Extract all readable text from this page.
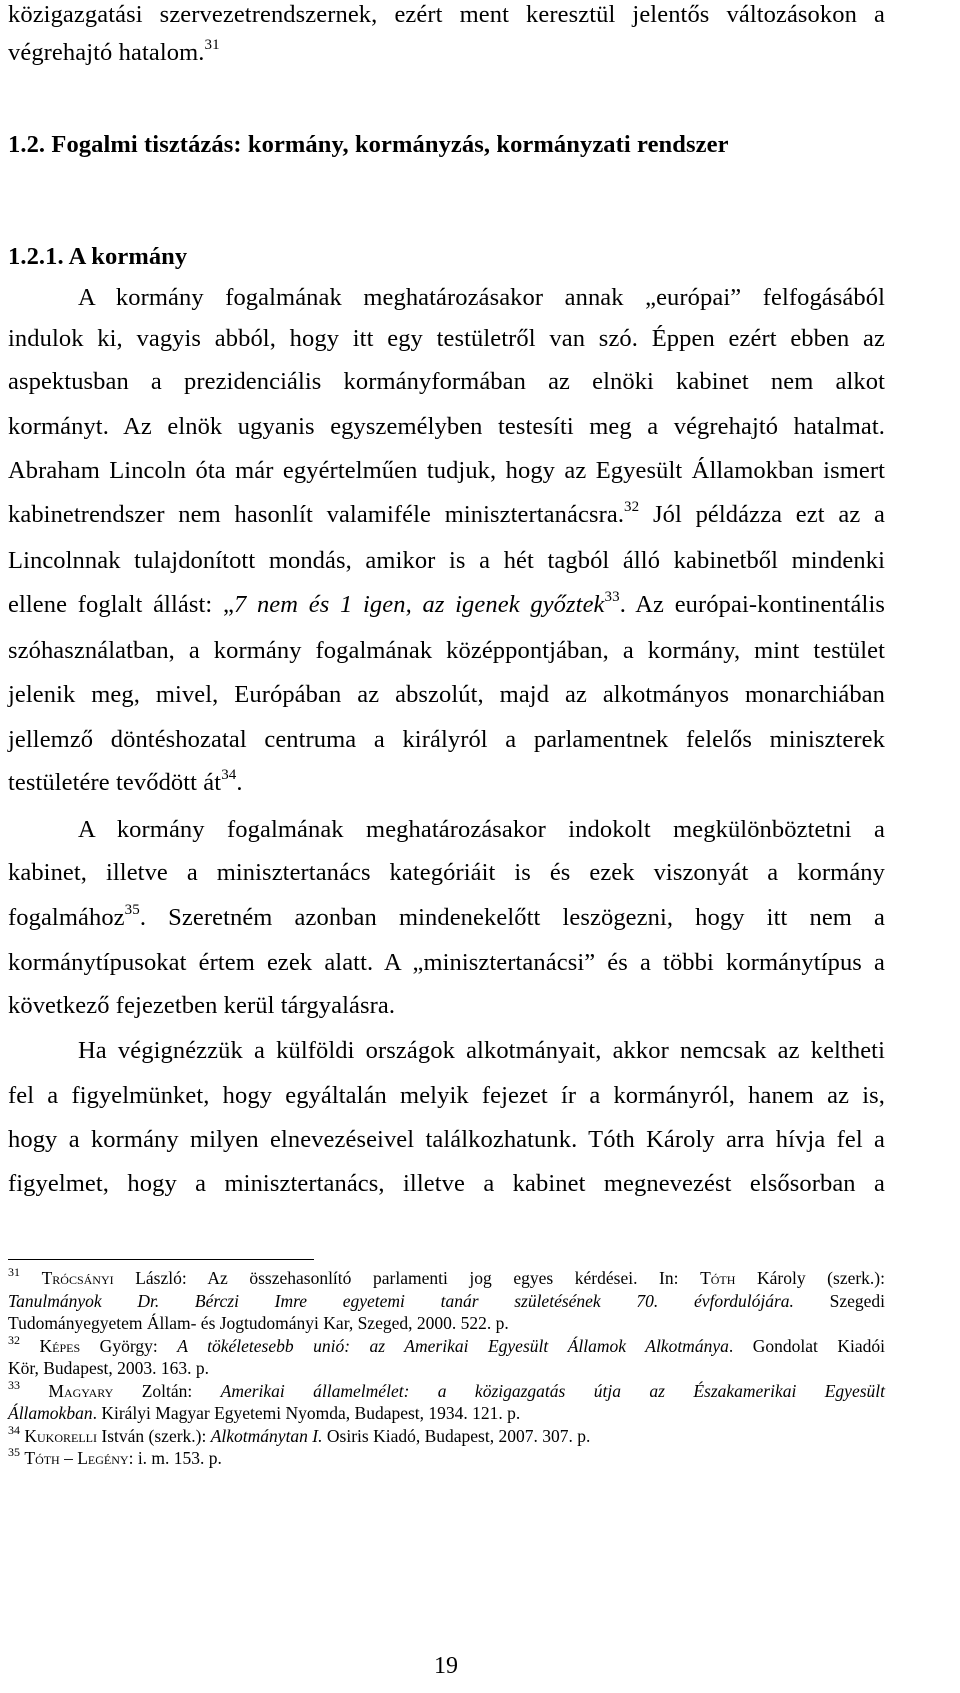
közigazgatási szervezetrendszernek, ezért ment keresztül jelentős változásokon a

végrehajtó hatalom.$^{31}$

1.2. Fogalmi tisztázás: kormány, kormányzás, kormányzati rendszer

1.2.1. A kormány

A kormány fogalmának meghatározásakor annak „európai” felfogásából

indulok ki, vagyis abból, hogy itt egy testületről van szó. Éppen ezért ebben az

aspektusban a prezidenciális kormányformában az elnöki kabinet nem alkot

kormányt. Az elnök ugyanis egyszemélyben testesíti meg a végrehajtó hatalmat.

Abraham Lincoln óta már egyértelműen tudjuk, hogy az Egyesült Államokban ismert

kabinetrendszer nem hasonlít valamiféle minisztertanácsra.$^{32}$ Jól példázza ezt az a

Lincolnnak tulajdonított mondás, amikor is a hét tagból álló kabinetből mindenki

ellene foglalt állást: „7 nem és 1 igen, az igenek győztek$^{33}$. Az európai-kontinentális

szóhasználatban, a kormány fogalmának középpontjában, a kormány, mint testület

jelenik meg, mivel, Európában az abszolút, majd az alkotmányos monarchiában

jellemző döntéshozatal centruma a királyról a parlamentnek felelős miniszterek

testületére tevődött $át^{34}$.

A kormány fogalmának meghatározásakor indokolt megkülönböztetni a

kabinet, illetve a minisztertanács kategóriáit is és ezek viszonyát a kormány

fogalmához$^{35}$. Szeretném azonban mindenekelőtt leszögezni, hogy itt nem a

kormánytípusokat értem ezek alatt. A „minisztertanácsi” és a többi kormánytípus a

következő fejezetben kerül tárgyalásra.

Ha végignézzük a külföldi országok alkotmányait, akkor nemcsak az keltheti

fel a figyelmünket, hogy egyáltalán melyik fejezet ír a kormányról, hanem az is,

hogy a kormány milyen elnevezéseivel találkozhatunk. Tóth Károly arra hívja fel a

figyelmet, hogy a minisztertanács, illetve a kabinet megnevezést elsősorban a

19

$^{31}$ Trócsányi László: Az összehasonlító parlamenti jog egyes kérdései. In: Tóth Károly (szerk.):

Tanulmányok Dr. Bérczi Imre egyetemi tanár születésének 70. évfordulójára. Szegedi

Tudományegyetem Állam- és Jogtudományi Kar, Szeged, 2000. 522. p.

$^{32}$ Képes György: A tökéletesebb unió: az Amerikai Egyesült Államok Alkotmánya. Gondolat Kiadói

Kör, Budapest, 2003. 163. p.

$^{33}$ Magyary Zoltán: Amerikai államelmélet: a közigazgatás útja az Északamerikai Egyesült

Államokban. Királyi Magyar Egyetemi Nyomda, Budapest, 1934. 121. p.

$^{34}$ Kukorelli István (szerk.): Alkotmánytan I. Osiris Kiadó, Budapest, 2007. 307. p.

$^{35}$ Tóth – Legény: i. m. 153. p.
